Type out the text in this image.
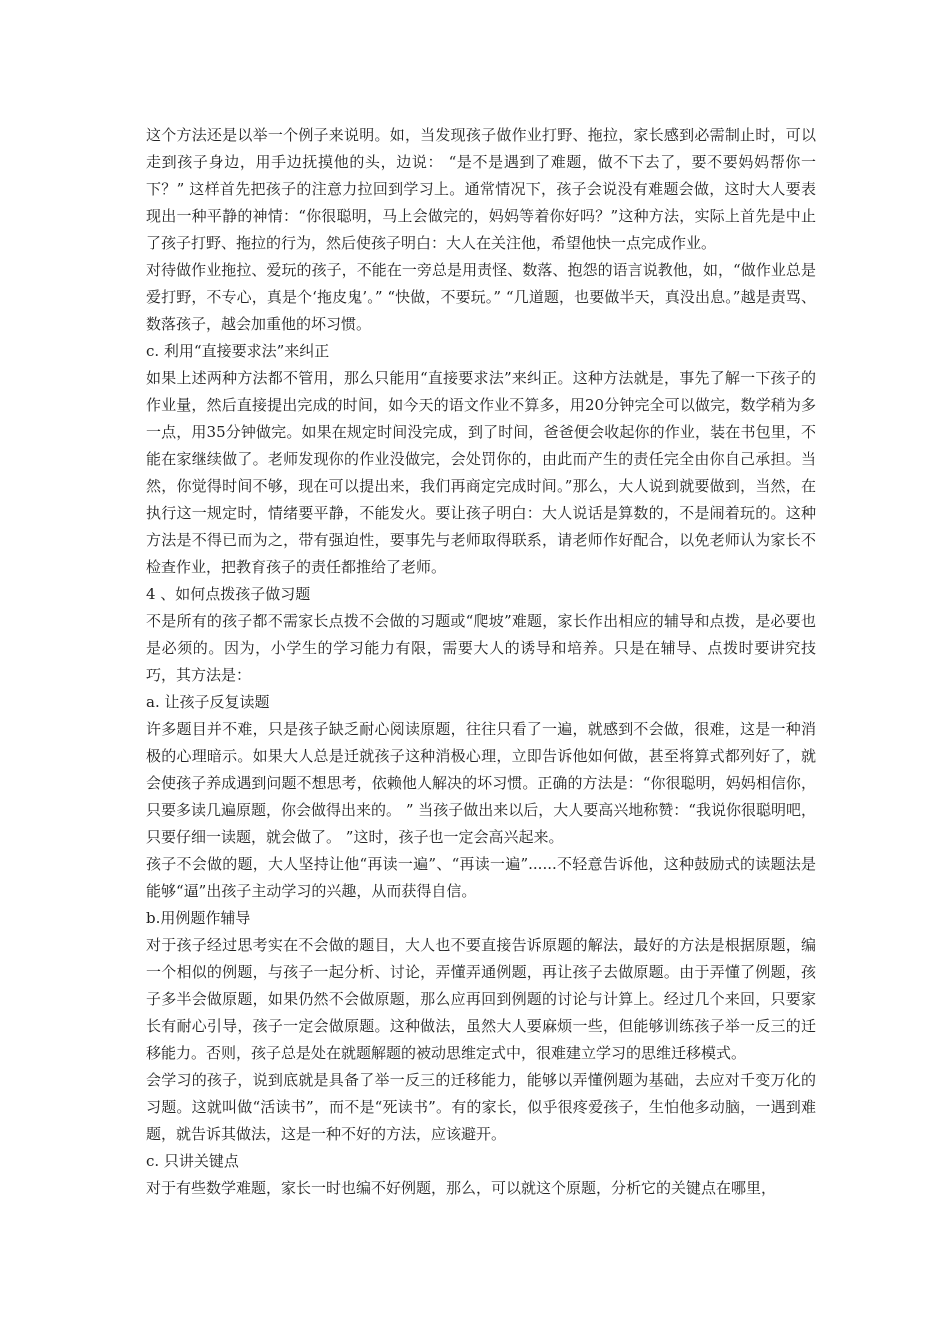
这个方法还是以举一个例子来说明。如，当发现孩子做作业打野、拖拉，家长感到必需制止时，可以走到孩子身边，用手边抚摸他的头，边说： “是不是遇到了难题，做不下去了，要不要妈妈帮你一下？” 这样首先把孩子的注意力拉回到学习上。通常情况下，孩子会说没有难题会做，这时大人要表现出一种平静的神情：“你很聪明，马上会做完的，妈妈等着你好吗？”这种方法，实际上首先是中止了孩子打野、拖拉的行为，然后使孩子明白：大人在关注他，希望他快一点完成作业。

对待做作业拖拉、爱玩的孩子，不能在一旁总是用责怪、数落、抱怨的语言说教他，如，“做作业总是爱打野，不专心，真是个‘拖皮鬼’。” “快做，不要玩。” “几道题，也要做半天，真没出息。”越是责骂、数落孩子，越会加重他的坏习惯。

c. 利用“直接要求法”来纠正

如果上述两种方法都不管用，那么只能用“直接要求法”来纠正。这种方法就是，事先了解一下孩子的作业量，然后直接提出完成的时间，如今天的语文作业不算多，用20分钟完全可以做完，数学稍为多一点，用35分钟做完。如果在规定时间没完成，到了时间，爸爸便会收起你的作业，装在书包里，不能在家继续做了。老师发现你的作业没做完，会处罚你的，由此而产生的责任完全由你自己承担。当然，你觉得时间不够，现在可以提出来，我们再商定完成时间。”那么，大人说到就要做到，当然，在执行这一规定时，情绪要平静，不能发火。要让孩子明白：大人说话是算数的，不是闹着玩的。这种方法是不得已而为之，带有强迫性，要事先与老师取得联系，请老师作好配合，以免老师认为家长不检查作业，把教育孩子的责任都推给了老师。

4 、如何点拨孩子做习题

不是所有的孩子都不需家长点拨不会做的习题或“爬坡”难题，家长作出相应的辅导和点拨，是必要也是必须的。因为，小学生的学习能力有限，需要大人的诱导和培养。只是在辅导、点拨时要讲究技巧，其方法是：

a. 让孩子反复读题

许多题目并不难，只是孩子缺乏耐心阅读原题，往往只看了一遍，就感到不会做，很难，这是一种消极的心理暗示。如果大人总是迁就孩子这种消极心理，立即告诉他如何做，甚至将算式都列好了，就会使孩子养成遇到问题不想思考，依赖他人解决的坏习惯。正确的方法是：“你很聪明，妈妈相信你，只要多读几遍原题，你会做得出来的。 ” 当孩子做出来以后，大人要高兴地称赞：“我说你很聪明吧，只要仔细一读题，就会做了。 ”这时，孩子也一定会高兴起来。

孩子不会做的题，大人坚持让他“再读一遍”、“再读一遍”......不轻意告诉他，这种鼓励式的读题法是能够“逼”出孩子主动学习的兴趣，从而获得自信。

b.用例题作辅导

对于孩子经过思考实在不会做的题目，大人也不要直接告诉原题的解法，最好的方法是根据原题，编一个相似的例题，与孩子一起分析、讨论，弄懂弄通例题，再让孩子去做原题。由于弄懂了例题，孩子多半会做原题，如果仍然不会做原题，那么应再回到例题的讨论与计算上。经过几个来回，只要家长有耐心引导，孩子一定会做原题。这种做法，虽然大人要麻烦一些，但能够训练孩子举一反三的迁移能力。否则，孩子总是处在就题解题的被动思维定式中，很难建立学习的思维迁移模式。

会学习的孩子，说到底就是具备了举一反三的迁移能力，能够以弄懂例题为基础，去应对千变万化的习题。这就叫做“活读书”，而不是“死读书”。有的家长，似乎很疼爱孩子，生怕他多动脑，一遇到难题，就告诉其做法，这是一种不好的方法，应该避开。

c. 只讲关键点

对于有些数学难题，家长一时也编不好例题，那么，可以就这个原题，分析它的关键点在哪里，
